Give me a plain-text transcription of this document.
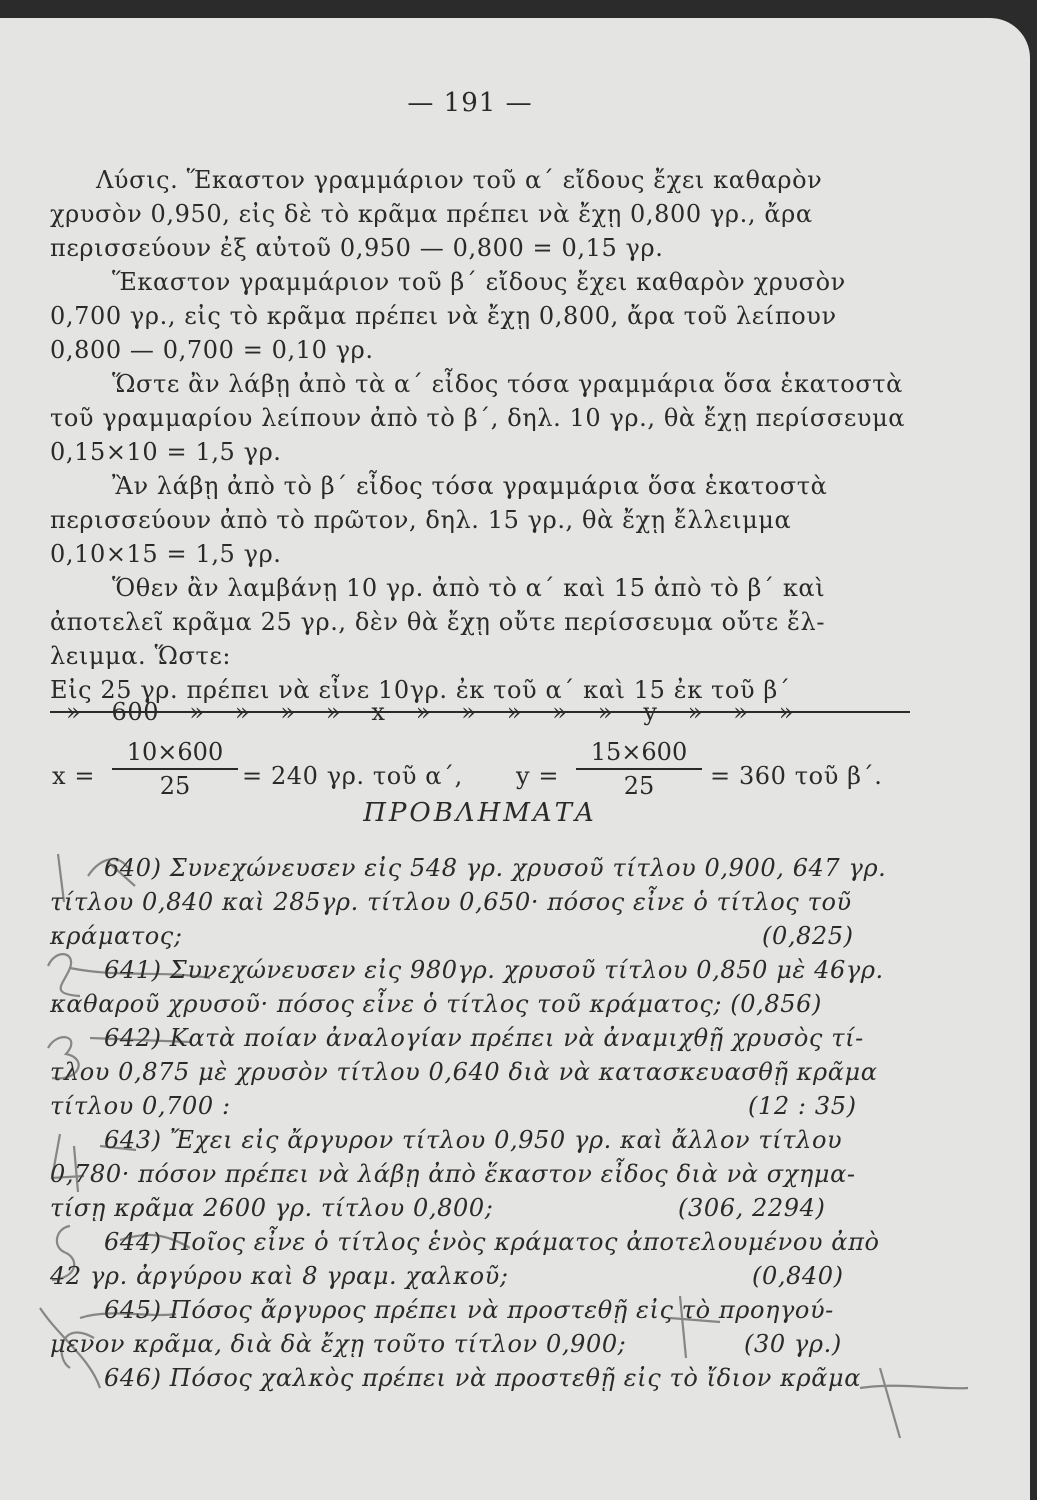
— 191 —
Λύσις. Ἕκαστον γραμμάριον τοῦ α΄ εἴδους ἔχει καθαρὸν
χρυσὸν 0,950, εἰς δὲ τὸ κρᾶμα πρέπει νὰ ἔχῃ 0,800 γρ., ἄρα
περισσεύουν ἐξ αὐτοῦ 0,950 — 0,800 = 0,15 γρ.
Ἕκαστον γραμμάριον τοῦ β΄ εἴδους ἔχει καθαρὸν χρυσὸν
0,700 γρ., εἰς τὸ κρᾶμα πρέπει νὰ ἔχῃ 0,800, ἄρα τοῦ λείπουν
0,800 — 0,700 = 0,10 γρ.
Ὥστε ἂν λάβῃ ἀπὸ τὰ α΄ εἶδος τόσα γραμμάρια ὅσα ἑκατοστὰ
τοῦ γραμμαρίου λείπουν ἀπὸ τὸ β΄, δηλ. 10 γρ., θὰ ἔχῃ περίσσευμα
0,15×10 = 1,5 γρ.
Ἂν λάβῃ ἀπὸ τὸ β΄ εἶδος τόσα γραμμάρια ὅσα ἑκατοστὰ
περισσεύουν ἀπὸ τὸ πρῶτον, δηλ. 15 γρ., θὰ ἔχῃ ἔλλειμμα
0,10×15 = 1,5 γρ.
Ὅθεν ἂν λαμβάνῃ 10 γρ. ἀπὸ τὸ α΄ καὶ 15 ἀπὸ τὸ β΄ καὶ
ἀποτελεῖ κρᾶμα 25 γρ., δὲν θὰ ἔχῃ οὔτε περίσσευμα οὔτε ἔλ-
λειμμα. Ὥστε:
Εἰς 25 γρ. πρέπει νὰ εἶνε 10γρ. ἐκ τοῦ α΄ καὶ 15 ἐκ τοῦ β΄
» 600 » » » » x » » » » » y » » »
x =
10×600
25	= 240 γρ. τοῦ α΄, y =
15×600
25	= 360 τοῦ β΄.
ΠΡΟΒΛΗΜΑΤΑ
640) Συνεχώνευσεν εἰς 548 γρ. χρυσοῦ τίτλου 0,900, 647 γρ.
τίτλου 0,840 καὶ 285γρ. τίτλου 0,650· πόσος εἶνε ὁ τίτλος τοῦ
κράματος;	(0,825)
641) Συνεχώνευσεν εἰς 980γρ. χρυσοῦ τίτλου 0,850 μὲ 46γρ.
καθαροῦ χρυσοῦ· πόσος εἶνε ὁ τίτλος τοῦ κράματος; (0,856)
642) Κατὰ ποίαν ἀναλογίαν πρέπει νὰ ἀναμιχθῇ χρυσὸς τί-
τλου 0,875 μὲ χρυσὸν τίτλου 0,640 διὰ νὰ κατασκευασθῇ κρᾶμα
τίτλου 0,700 :	(12 : 35)
643) Ἔχει εἰς ἄργυρον τίτλου 0,950 γρ. καὶ ἄλλον τίτλου
0,780· πόσον πρέπει νὰ λάβῃ ἀπὸ ἕκαστον εἶδος διὰ νὰ σχημα-
τίσῃ κρᾶμα 2600 γρ. τίτλου 0,800;	(306, 2294)
644) Ποῖος εἶνε ὁ τίτλος ἑνὸς κράματος ἀποτελουμένου ἀπὸ
42 γρ. ἀργύρου καὶ 8 γραμ. χαλκοῦ;	(0,840)
645) Πόσος ἄργυρος πρέπει νὰ προστεθῇ εἰς τὸ προηγού-
μενον κρᾶμα, διὰ δὰ ἔχῃ τοῦτο τίτλον 0,900;	(30 γρ.)
646) Πόσος χαλκὸς πρέπει νὰ προστεθῇ εἰς τὸ ἴδιον κρᾶμα
